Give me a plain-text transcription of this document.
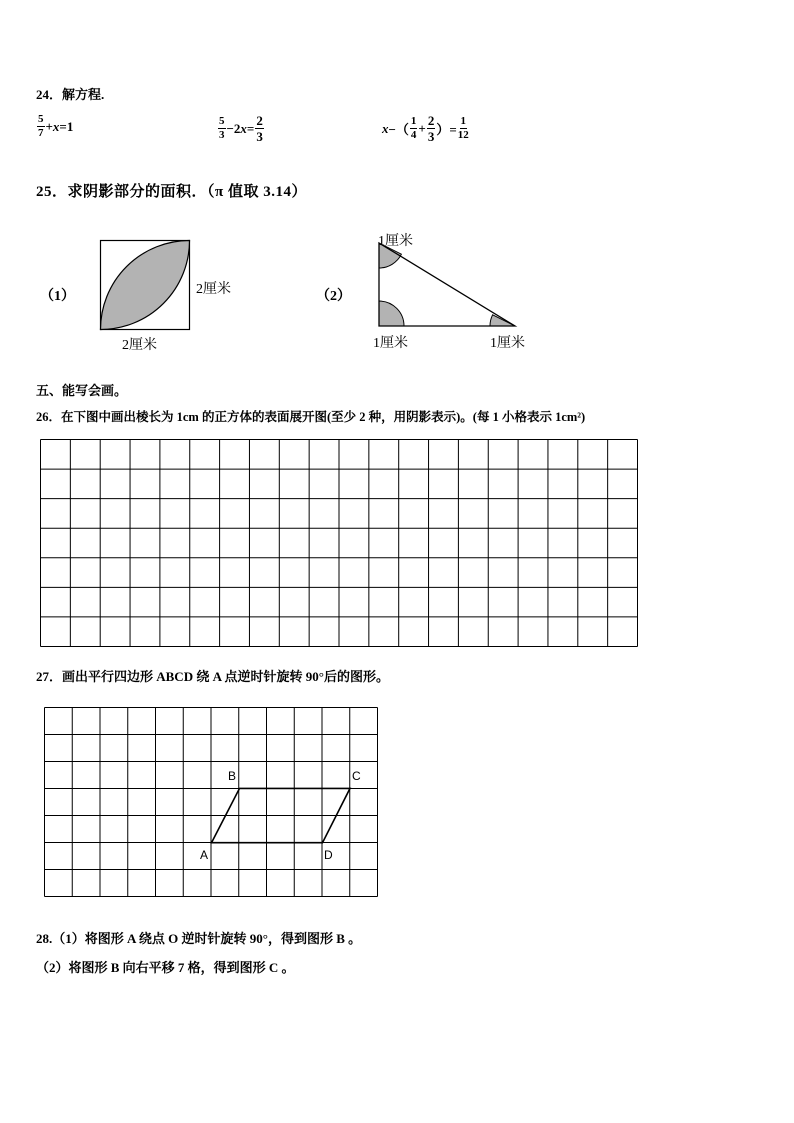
24．解方程.
$\frac{5}{7} + x =1$	$\frac{5}{3} -2$ $x = \frac{2}{3}$	x −（ $\frac{1}{4} + \frac{2}{3}$ ）= $\frac{1}{12}$
25．求阴影部分的面积．（π 值取 3.14）
（1）	2厘米
2厘米
（2）
1厘米
1厘米	1厘米
五、能写会画。
26．在下图中画出棱长为 1cm 的正方体的表面展开图(至少 2 种，用阴影表示)。(每 1 小格表示 1cm²)
27．画出平行四边形 ABCD 绕 A 点逆时针旋转 90°后的图形。
B	C
A	D
28.（1）将图形 A 绕点 O 逆时针旋转 90°，得到图形 B 。
（2）将图形 B 向右平移 7 格，得到图形 C 。
